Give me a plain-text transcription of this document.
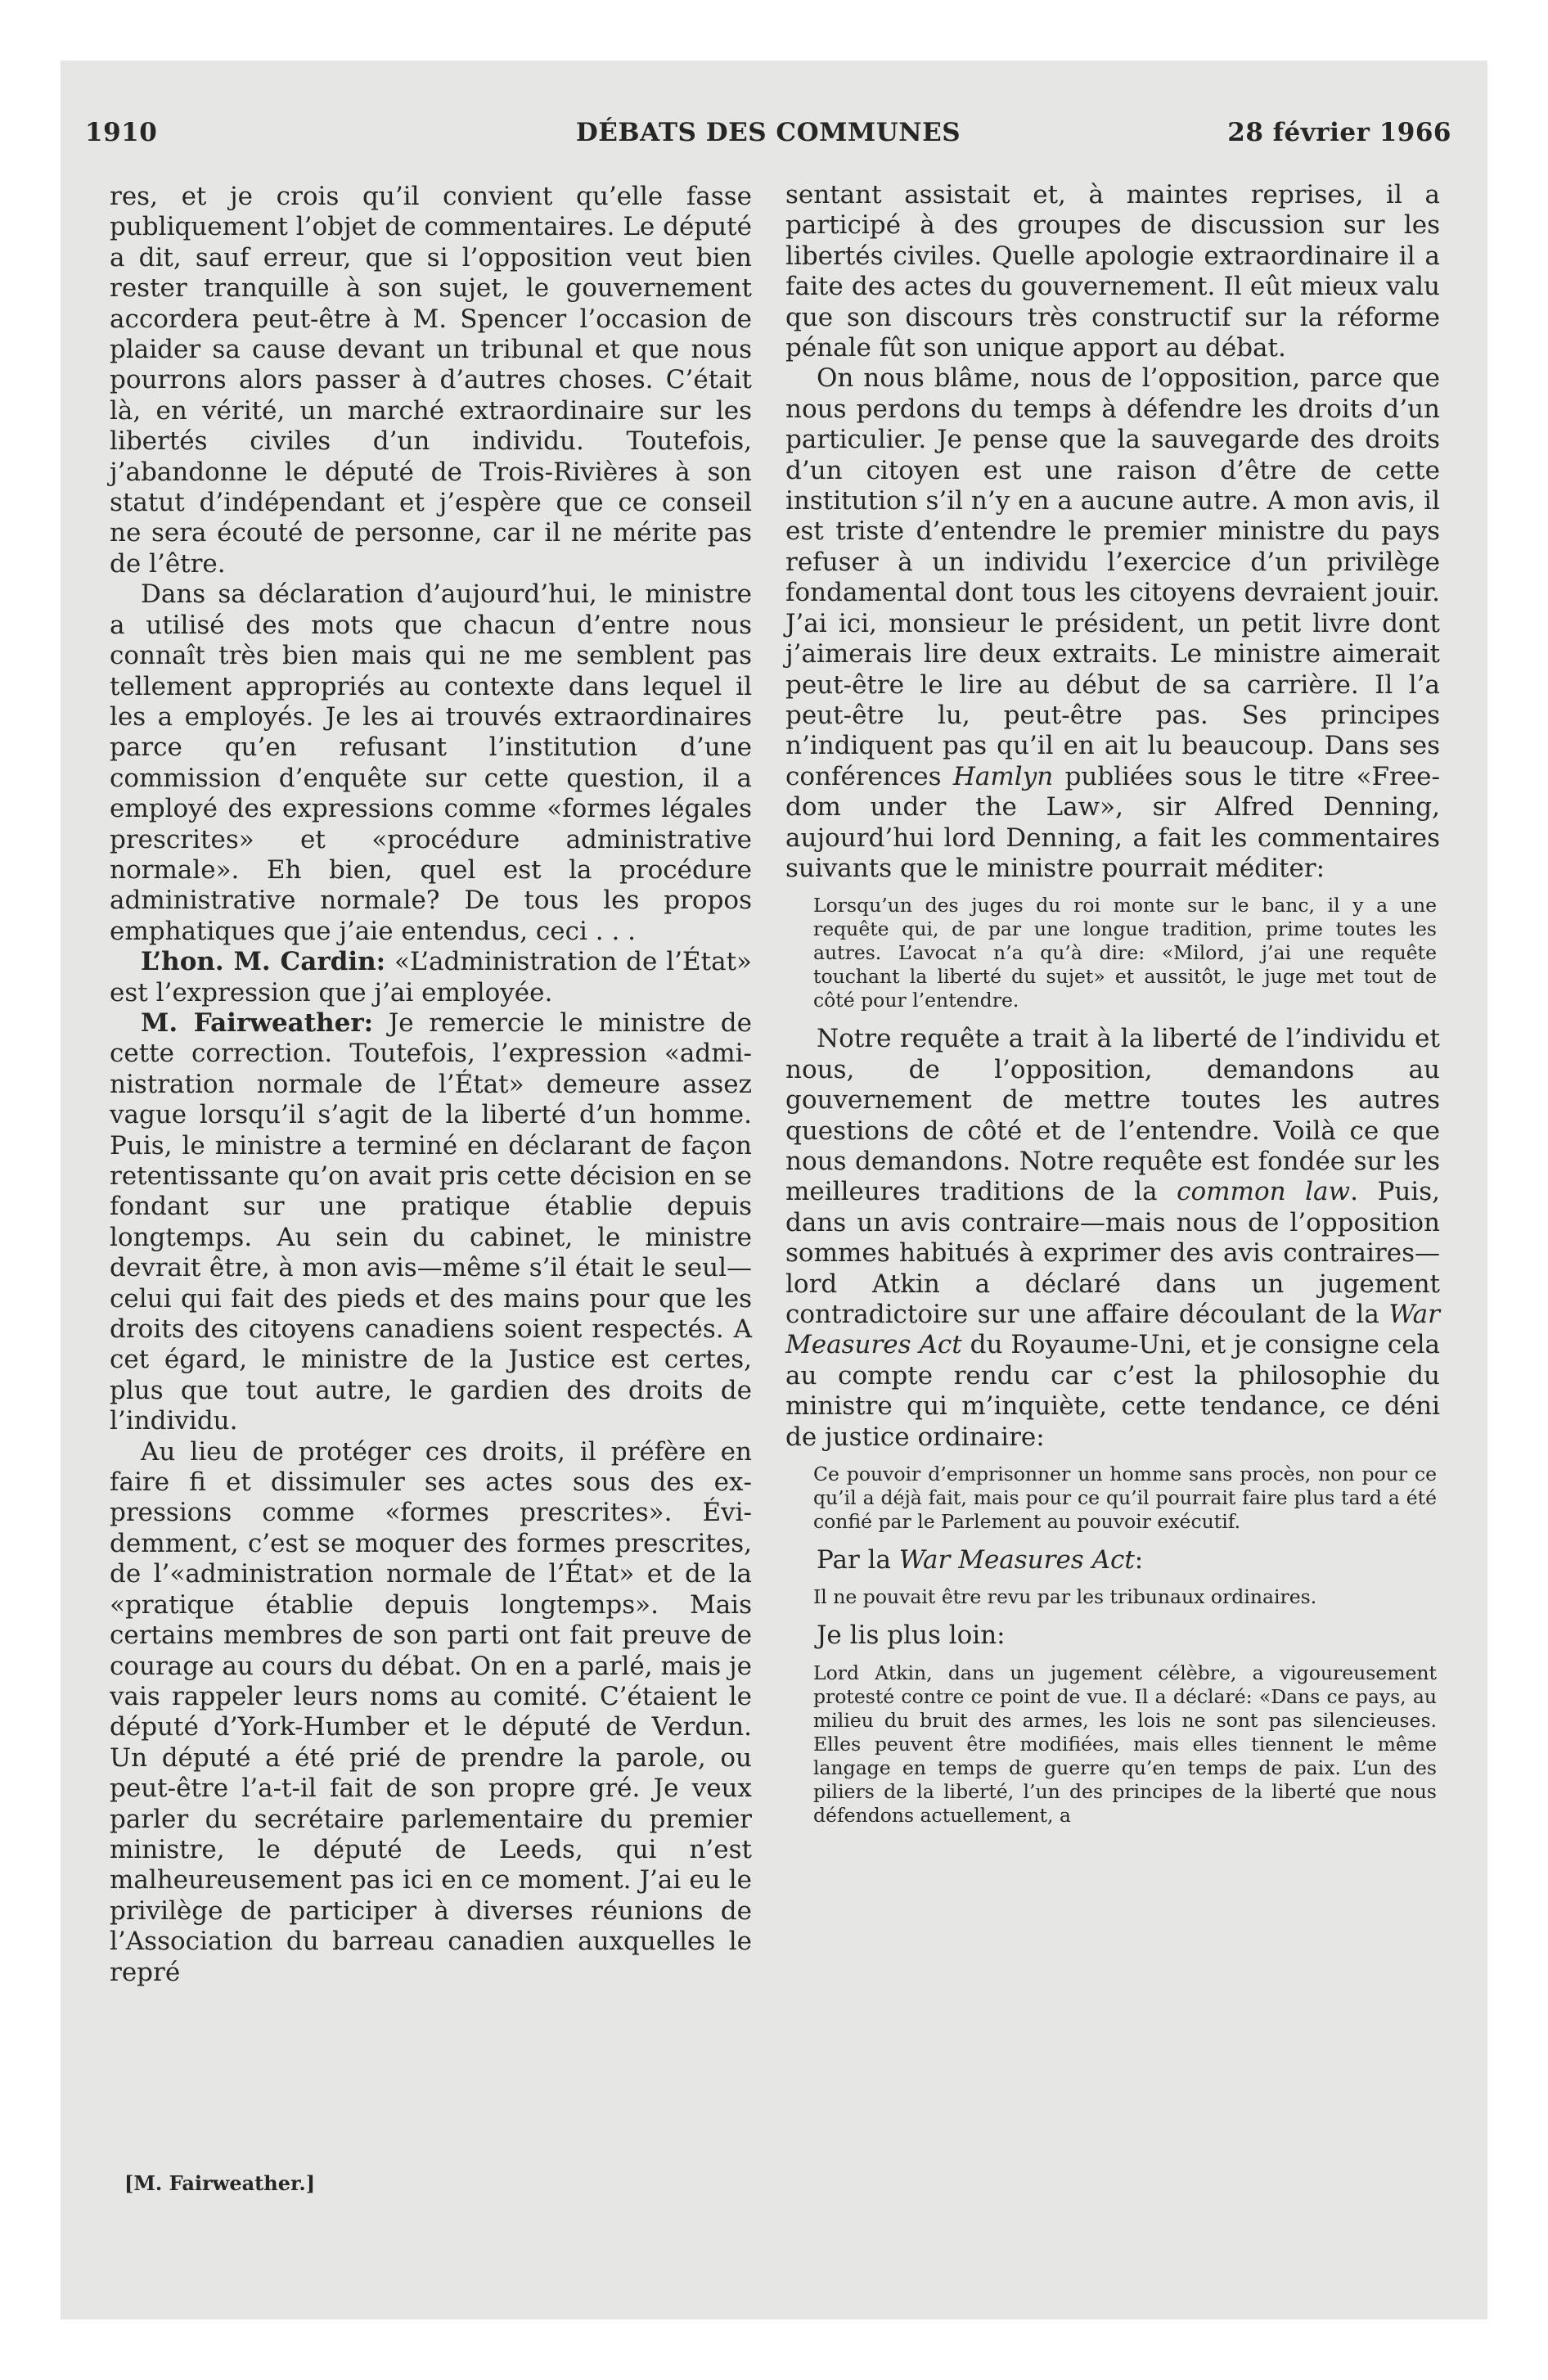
1910	DÉBATS DES COMMUNES	28 février 1966

res, et je crois qu’il convient qu’elle fasse publiquement l’objet de commentaires. Le député a dit, sauf erreur, que si l’opposition veut bien rester tranquille à son sujet, le gouvernement accordera peut-être à M. Spencer l’occasion de plaider sa cause devant un tribunal et que nous pourrons alors passer à d’autres choses. C’était là, en vérité, un marché extraordinaire sur les libertés civiles d’un individu. Toutefois, j’abandonne le député de Trois-Rivières à son statut d’indépendant et j’espère que ce conseil ne sera écouté de personne, car il ne mérite pas de l’être.

Dans sa déclaration d’aujourd’hui, le ministre a utilisé des mots que chacun d’entre nous connaît très bien mais qui ne me semblent pas tellement appropriés au contexte dans lequel il les a employés. Je les ai trouvés extraordinaires parce qu’en refusant l’institution d’une commission d’enquête sur cette question, il a employé des expressions comme «formes légales prescrites» et «procédure administrative normale». Eh bien, quel est la procédure administrative normale? De tous les propos emphatiques que j’aie entendus, ceci . . .

L’hon. M. Cardin: «L’administration de l’État» est l’expression que j’ai employée.

M. Fairweather: Je remercie le ministre de cette correction. Toutefois, l’expression «administration normale de l’État» demeure assez vague lorsqu’il s’agit de la liberté d’un homme. Puis, le ministre a terminé en déclarant de façon retentissante qu’on avait pris cette décision en se fondant sur une pratique établie depuis longtemps. Au sein du cabinet, le ministre devrait être, à mon avis—même s’il était le seul—celui qui fait des pieds et des mains pour que les droits des citoyens canadiens soient respectés. A cet égard, le ministre de la Justice est certes, plus que tout autre, le gardien des droits de l’individu.

Au lieu de protéger ces droits, il préfère en faire fi et dissimuler ses actes sous des expressions comme «formes prescrites». Évidemment, c’est se moquer des formes prescrites, de l’«administration normale de l’État» et de la «pratique établie depuis longtemps». Mais certains membres de son parti ont fait preuve de courage au cours du débat. On en a parlé, mais je vais rappeler leurs noms au comité. C’étaient le député d’York-Humber et le député de Verdun. Un député a été prié de prendre la parole, ou peut-être l’a-t-il fait de son propre gré. Je veux parler du secrétaire parlementaire du premier ministre, le député de Leeds, qui n’est malheureusement pas ici en ce moment. J’ai eu le privilège de participer à diverses réunions de l’Association du barreau canadien auxquelles le repré

sentant assistait et, à maintes reprises, il a participé à des groupes de discussion sur les libertés civiles. Quelle apologie extraordinaire il a faite des actes du gouvernement. Il eût mieux valu que son discours très constructif sur la réforme pénale fût son unique apport au débat.

On nous blâme, nous de l’opposition, parce que nous perdons du temps à défendre les droits d’un particulier. Je pense que la sauvegarde des droits d’un citoyen est une raison d’être de cette institution s’il n’y en a aucune autre. A mon avis, il est triste d’entendre le premier ministre du pays refuser à un individu l’exercice d’un privilège fondamental dont tous les citoyens devraient jouir. J’ai ici, monsieur le président, un petit livre dont j’aimerais lire deux extraits. Le ministre aimerait peut-être le lire au début de sa carrière. Il l’a peut-être lu, peut-être pas. Ses principes n’indiquent pas qu’il en ait lu beaucoup. Dans ses conférences Hamlyn publiées sous le titre «Freedom under the Law», sir Alfred Denning, aujourd’hui lord Denning, a fait les commentaires suivants que le ministre pourrait méditer:

Lorsqu’un des juges du roi monte sur le banc, il y a une requête qui, de par une longue tradition, prime toutes les autres. L’avocat n’a qu’à dire: «Milord, j’ai une requête touchant la liberté du sujet» et aussitôt, le juge met tout de côté pour l’entendre.

Notre requête a trait à la liberté de l’individu et nous, de l’opposition, demandons au gouvernement de mettre toutes les autres questions de côté et de l’entendre. Voilà ce que nous demandons. Notre requête est fondée sur les meilleures traditions de la common law. Puis, dans un avis contraire—mais nous de l’opposition sommes habitués à exprimer des avis contraires—lord Atkin a déclaré dans un jugement contradictoire sur une affaire découlant de la War Measures Act du Royaume-Uni, et je consigne cela au compte rendu car c’est la philosophie du ministre qui m’inquiète, cette tendance, ce déni de justice ordinaire:

Ce pouvoir d’emprisonner un homme sans procès, non pour ce qu’il a déjà fait, mais pour ce qu’il pourrait faire plus tard a été confié par le Parlement au pouvoir exécutif.

Par la War Measures Act:

Il ne pouvait être revu par les tribunaux ordinaires.

Je lis plus loin:

Lord Atkin, dans un jugement célèbre, a vigoureusement protesté contre ce point de vue. Il a déclaré: «Dans ce pays, au milieu du bruit des armes, les lois ne sont pas silencieuses. Elles peuvent être modifiées, mais elles tiennent le même langage en temps de guerre qu’en temps de paix. L’un des piliers de la liberté, l’un des principes de la liberté que nous défendons actuellement, a

[M. Fairweather.]
